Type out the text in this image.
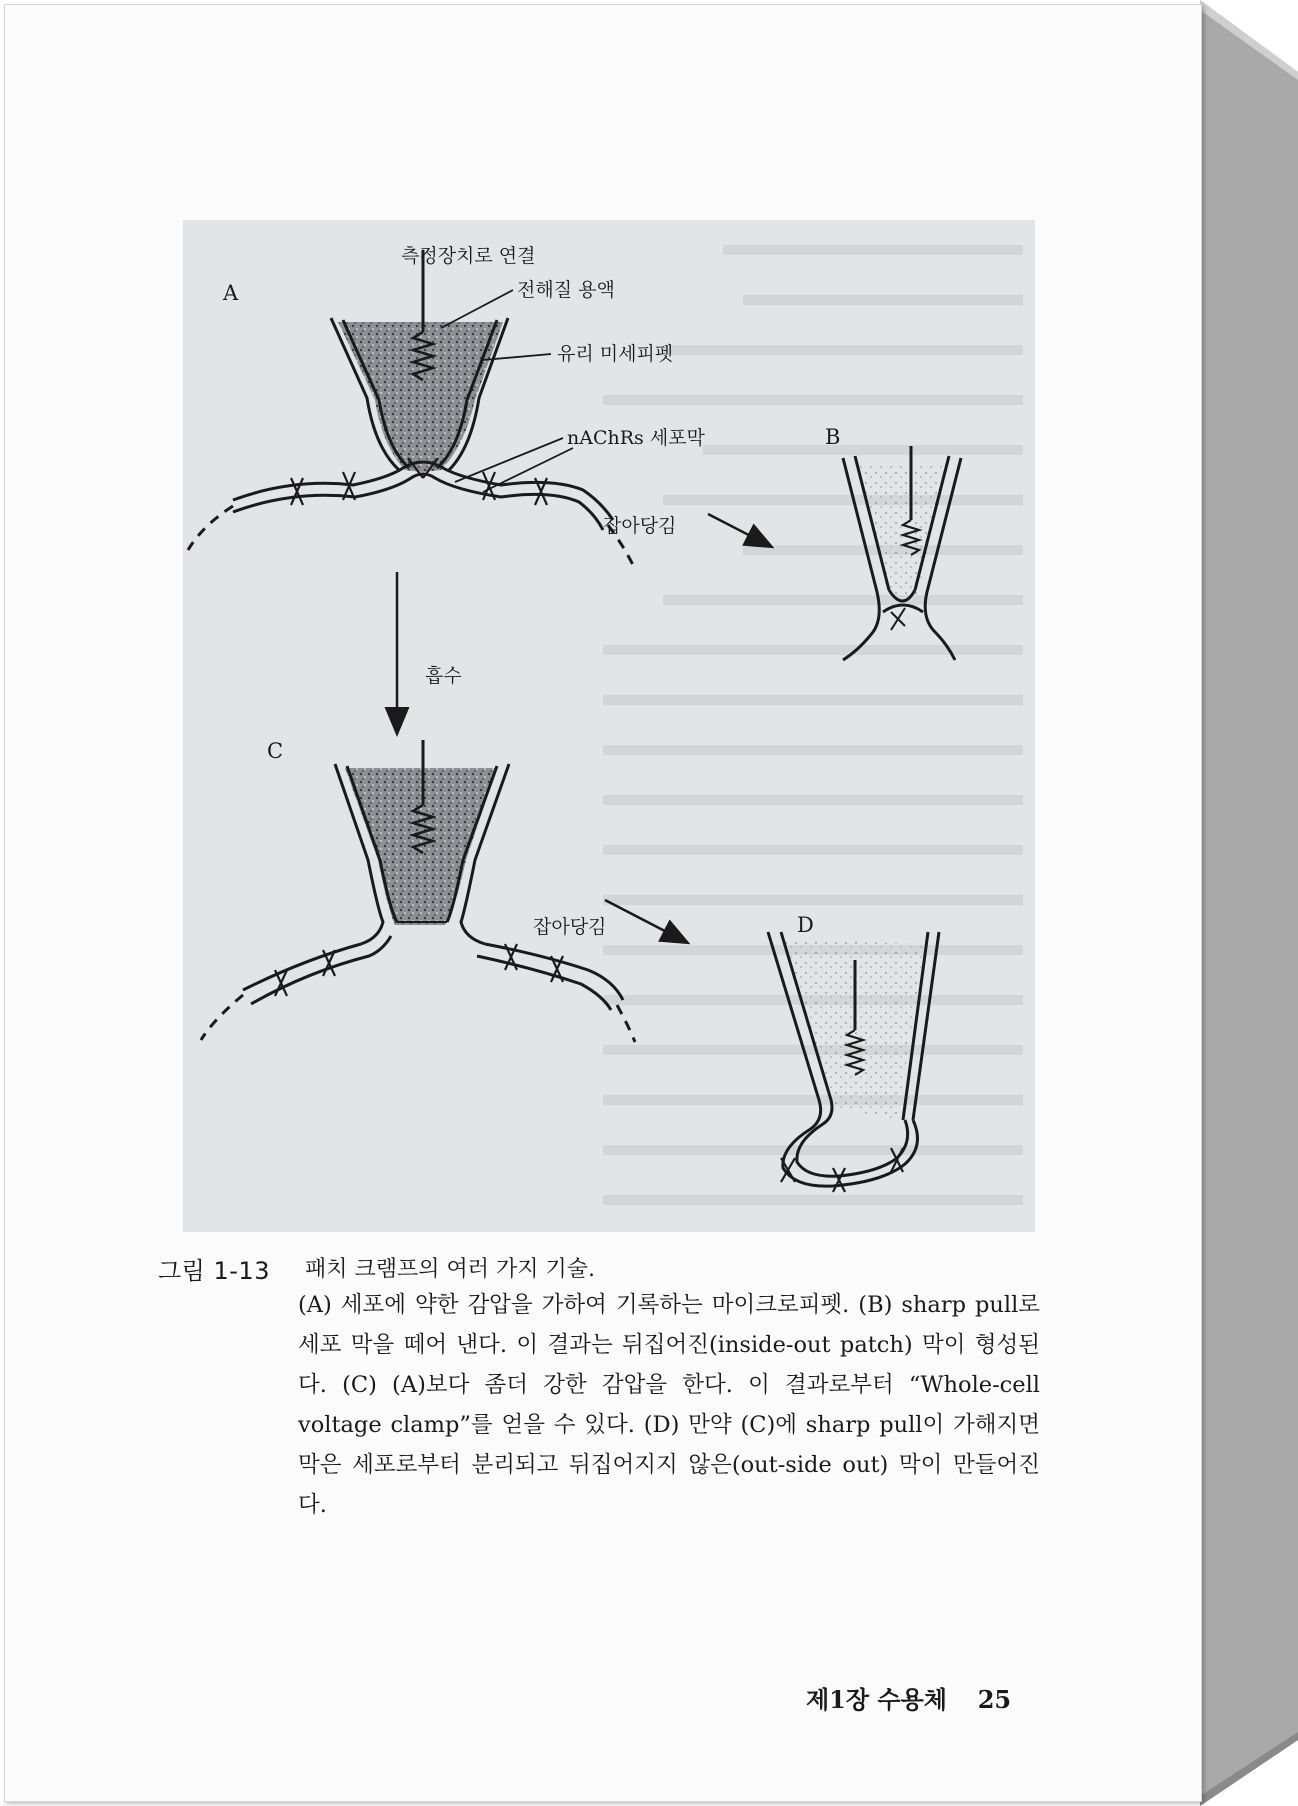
A
B
C
D
측정장치로 연결
전해질 용액
유리 미세피펫
nAChRs 세포막
잡아당김
흡수
잡아당김
그림 1-13 패치 크램프의 여러 가지 기술.
(A) 세포에 약한 감압을 가하여 기록하는 마이크로피펫. (B) sharp pull로 세포 막을 떼어 낸다. 이 결과는 뒤집어진(inside-out patch) 막이 형성된다. (C) (A)보다 좀더 강한 감압을 한다. 이 결과로부터 “Whole-cell voltage clamp”를 얻을 수 있다. (D) 만약 (C)에 sharp pull이 가해지면 막은 세포로부터 분리되고 뒤집어지지 않은(out-side out) 막이 만들어진다.
제1장 수용체 25
